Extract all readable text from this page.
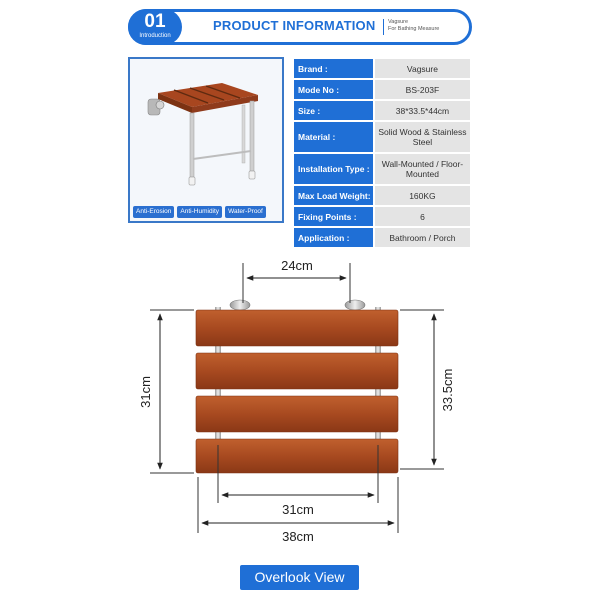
01
Introduction
PRODUCT INFORMATION Vagsure
For Bathing Measure
Anti-Erosion	Anti-Humidity	Water-Proof
Brand :	Vagsure
Mode No :	BS-203F
Size :	38*33.5*44cm
Material :	Solid Wood & Stainless Steel
Installation Type :	Wall-Mounted / Floor-Mounted
Max Load Weight:	160KG
Fixing Points :	6
Application :	Bathroom / Porch
24cm
31cm	33.5cm
31cm
38cm
Overlook View
